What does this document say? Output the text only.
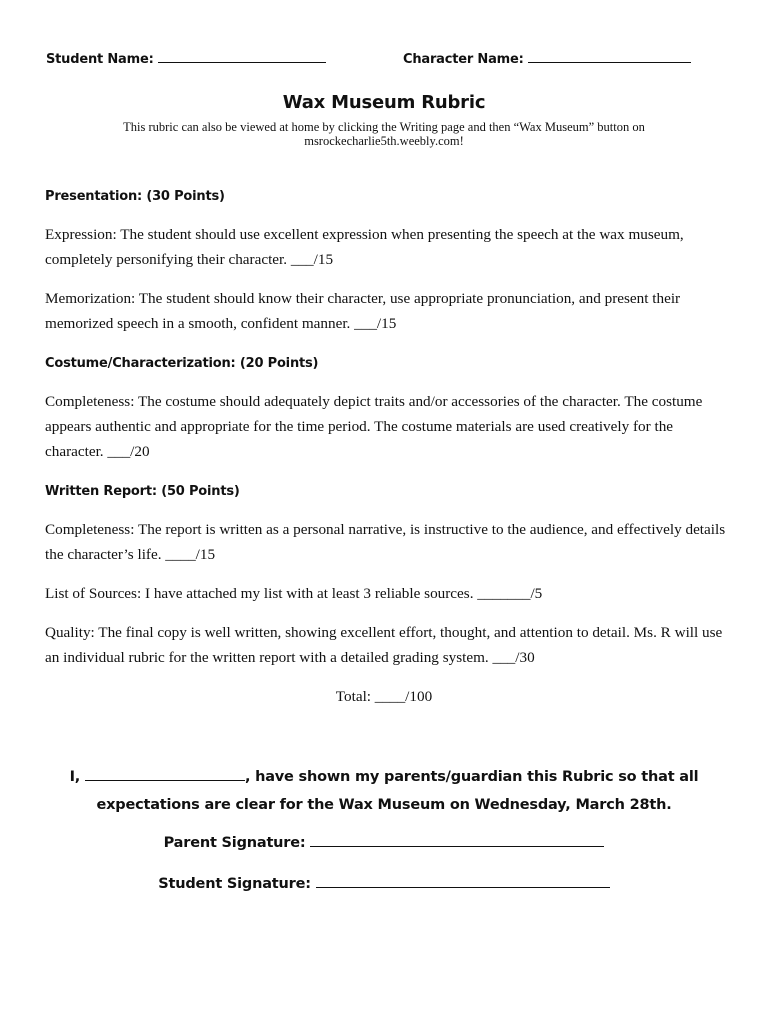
Student Name:	Character Name:
Wax Museum Rubric
This rubric can also be viewed at home by clicking the Writing page and then “Wax Museum” button on msrockecharlie5th.weebly.com!
Presentation: (30 Points)
Expression: The student should use excellent expression when presenting the speech at the wax museum, completely personifying their character. ___/15
Memorization: The student should know their character, use appropriate pronunciation, and present their memorized speech in a smooth, confident manner. ___/15
Costume/Characterization: (20 Points)
Completeness: The costume should adequately depict traits and/or accessories of the character. The costume appears authentic and appropriate for the time period. The costume materials are used creatively for the character. ___/20
Written Report: (50 Points)
Completeness: The report is written as a personal narrative, is instructive to the audience, and effectively details the character’s life. ____/15
List of Sources: I have attached my list with at least 3 reliable sources. _______/5
Quality: The final copy is well written, showing excellent effort, thought, and attention to detail. Ms. R will use an individual rubric for the written report with a detailed grading system. ___/30
Total: ____/100
I,	, have shown my parents/guardian this Rubric so that all expectations are clear for the Wax Museum on Wednesday, March 28th.
Parent Signature:
Student Signature:
